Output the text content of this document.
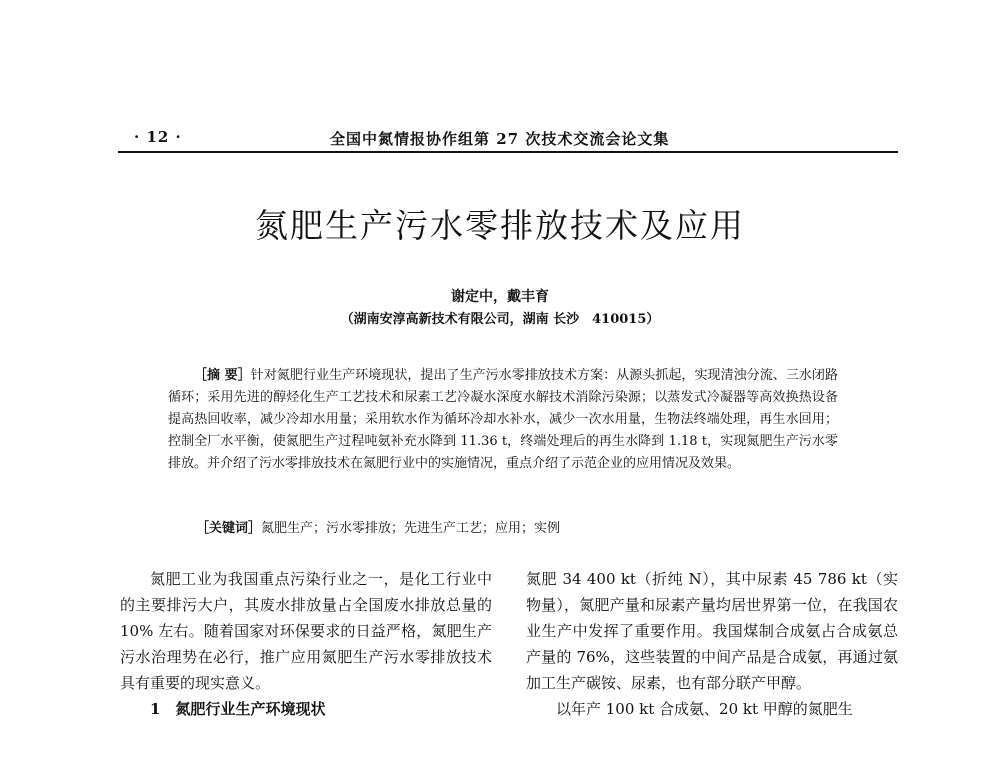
· 12 ·	全国中氮情报协作组第 27 次技术交流会论文集
氮肥生产污水零排放技术及应用
谢定中，戴丰育
（湖南安淳高新技术有限公司，湖南 长沙　410015）
［摘 要］针对氮肥行业生产环境现状，提出了生产污水零排放技术方案：从源头抓起，实现清浊分流、三水闭路循环；采用先进的醇烃化生产工艺技术和尿素工艺冷凝水深度水解技术消除污染源；以蒸发式冷凝器等高效换热设备提高热回收率，减少冷却水用量；采用软水作为循环冷却水补水，减少一次水用量，生物法终端处理，再生水回用；控制全厂水平衡，使氮肥生产过程吨氨补充水降到 11.36 t，终端处理后的再生水降到 1.18 t，实现氮肥生产污水零排放。并介绍了污水零排放技术在氮肥行业中的实施情况，重点介绍了示范企业的应用情况及效果。
［关键词］氮肥生产；污水零排放；先进生产工艺；应用；实例

氮肥工业为我国重点污染行业之一，是化工行业中的主要排污大户，其废水排放量占全国废水排放总量的 10% 左右。随着国家对环保要求的日益严格，氮肥生产污水治理势在必行，推广应用氮肥生产污水零排放技术具有重要的现实意义。

1　氮肥行业生产环境现状

氮肥 34 400 kt（折纯 N），其中尿素 45 786 kt（实物量），氮肥产量和尿素产量均居世界第一位，在我国农业生产中发挥了重要作用。我国煤制合成氨占合成氨总产量的 76%，这些装置的中间产品是合成氨，再通过氨加工生产碳铵、尿素，也有部分联产甲醇。

以年产 100 kt 合成氨、20 kt 甲醇的氮肥生
